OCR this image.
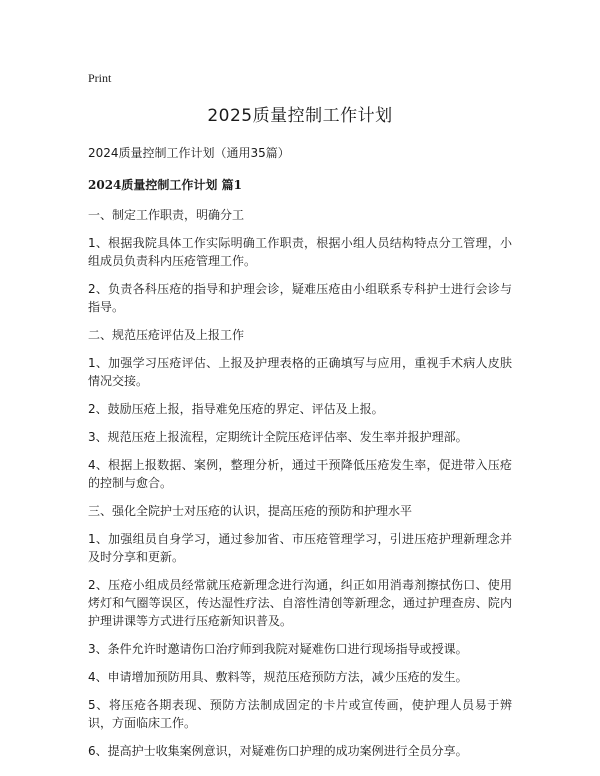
Print
2025质量控制工作计划
2024质量控制工作计划（通用35篇）
2024质量控制工作计划 篇1

一、制定工作职责，明确分工

1、根据我院具体工作实际明确工作职责，根据小组人员结构特点分工管理，小组成员负责科内压疮管理工作。

2、负责各科压疮的指导和护理会诊，疑难压疮由小组联系专科护士进行会诊与指导。

二、规范压疮评估及上报工作

1、加强学习压疮评估、上报及护理表格的正确填写与应用，重视手术病人皮肤情况交接。

2、鼓励压疮上报，指导难免压疮的界定、评估及上报。

3、规范压疮上报流程，定期统计全院压疮评估率、发生率并报护理部。

4、根据上报数据、案例，整理分析，通过干预降低压疮发生率，促进带入压疮的控制与愈合。

三、强化全院护士对压疮的认识，提高压疮的预防和护理水平

1、加强组员自身学习，通过参加省、市压疮管理学习，引进压疮护理新理念并及时分享和更新。

2、压疮小组成员经常就压疮新理念进行沟通，纠正如用消毒剂擦拭伤口、使用烤灯和气圈等误区，传达湿性疗法、自溶性清创等新理念，通过护理查房、院内护理讲课等方式进行压疮新知识普及。

3、条件允许时邀请伤口治疗师到我院对疑难伤口进行现场指导或授课。

4、申请增加预防用具、敷料等，规范压疮预防方法，减少压疮的发生。

5、将压疮各期表现、预防方法制成固定的卡片或宣传画，使护理人员易于辨识，方面临床工作。

6、提高护士收集案例意识，对疑难伤口护理的成功案例进行全员分享。
